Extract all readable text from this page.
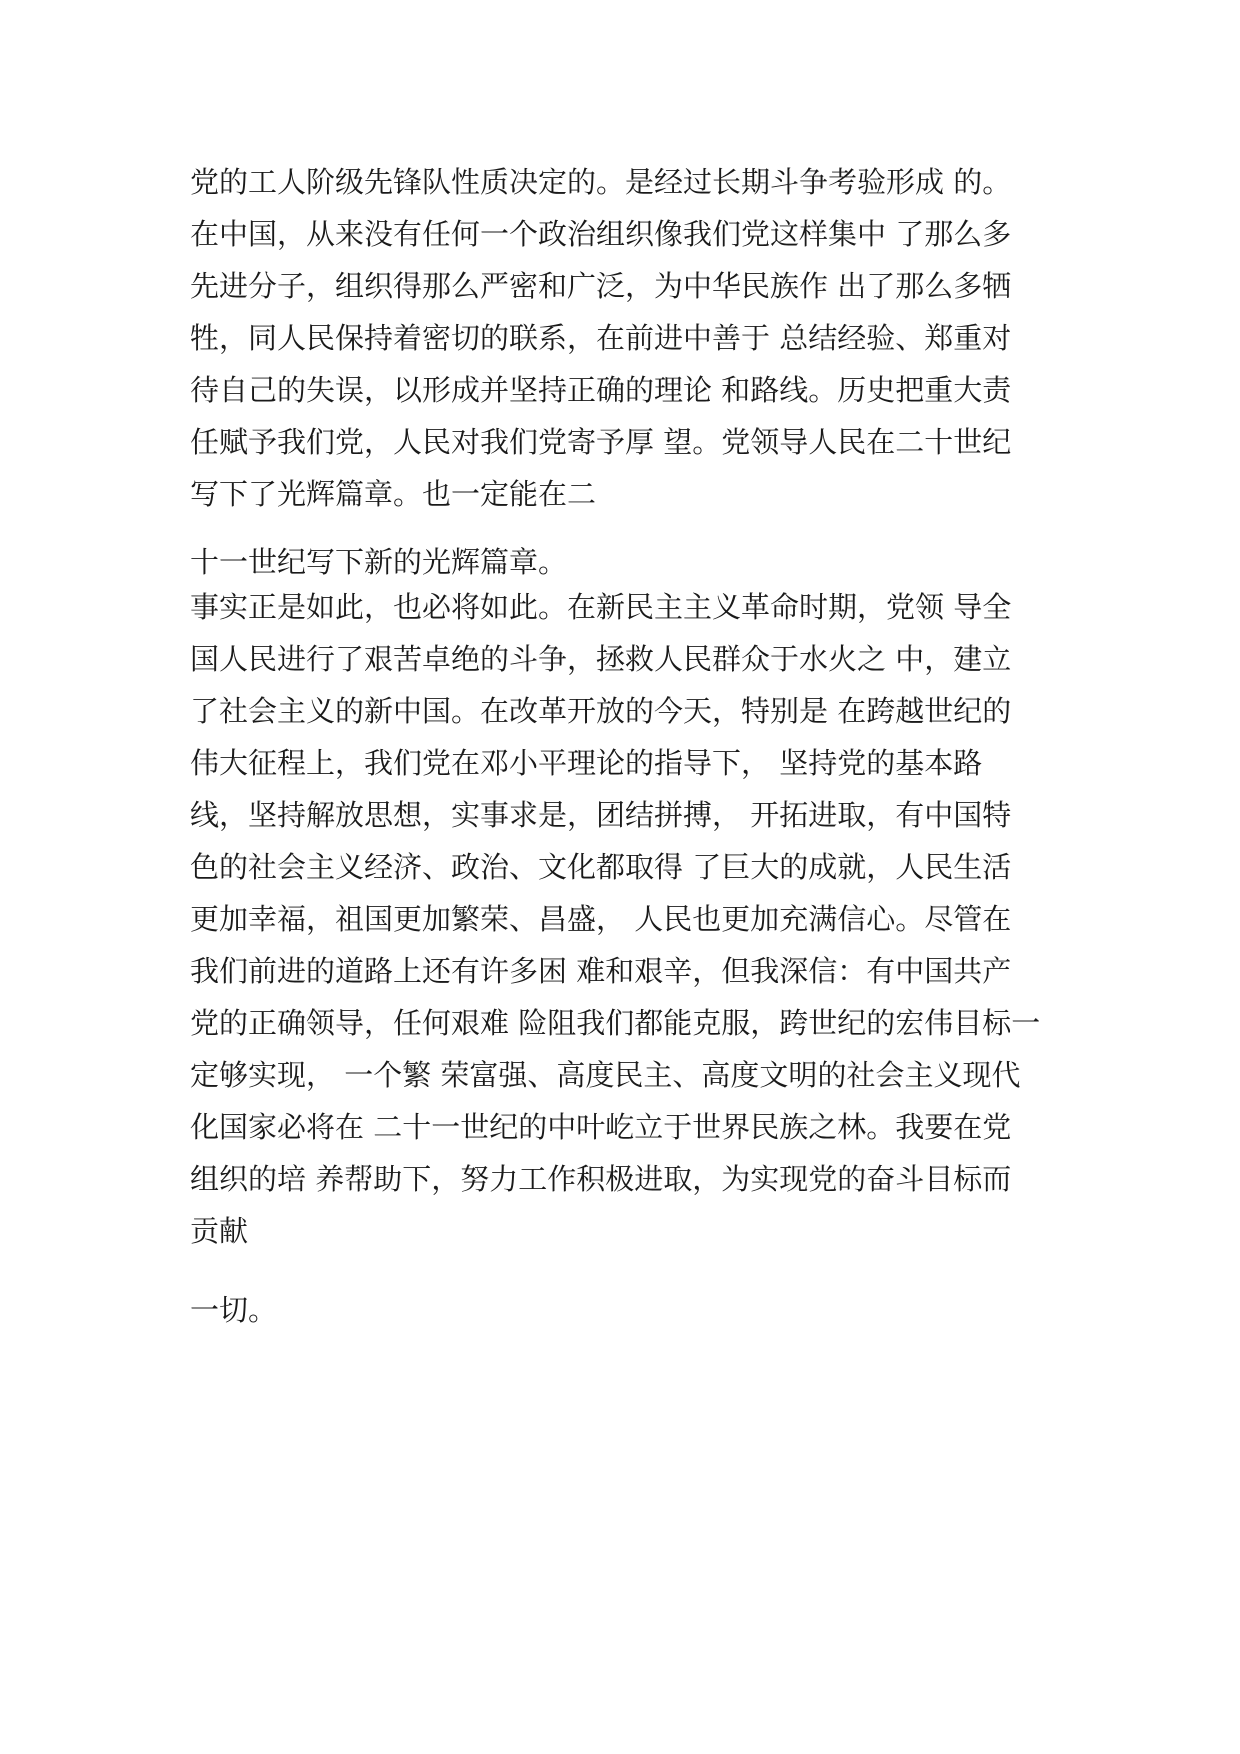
党的工人阶级先锋队性质决定的。是经过长期斗争考验形成 的。
在中国，从来没有任何一个政治组织像我们党这样集中 了那么多
先进分子，组织得那么严密和广泛，为中华民族作 出了那么多牺
牲，同人民保持着密切的联系，在前进中善于 总结经验、郑重对
待自己的失误，以形成并坚持正确的理论 和路线。历史把重大责
任赋予我们党，人民对我们党寄予厚 望。党领导人民在二十世纪
写下了光辉篇章。也一定能在二
十一世纪写下新的光辉篇章。
事实正是如此，也必将如此。在新民主主义革命时期，党领 导全
国人民进行了艰苦卓绝的斗争，拯救人民群众于水火之 中，建立
了社会主义的新中国。在改革开放的今天，特别是 在跨越世纪的
伟大征程上，我们党在邓小平理论的指导下， 坚持党的基本路
线，坚持解放思想，实事求是，团结拼搏， 开拓进取，有中国特
色的社会主义经济、政治、文化都取得 了巨大的成就，人民生活
更加幸福，祖国更加繁荣、昌盛， 人民也更加充满信心。尽管在
我们前进的道路上还有许多困 难和艰辛，但我深信：有中国共产
党的正确领导，任何艰难 险阻我们都能克服，跨世纪的宏伟目标一
定够实现， 一个繁 荣富强、高度民主、高度文明的社会主义现代
化国家必将在 二十一世纪的中叶屹立于世界民族之林。我要在党
组织的培 养帮助下，努力工作积极进取，为实现党的奋斗目标而
贡献
一切。
